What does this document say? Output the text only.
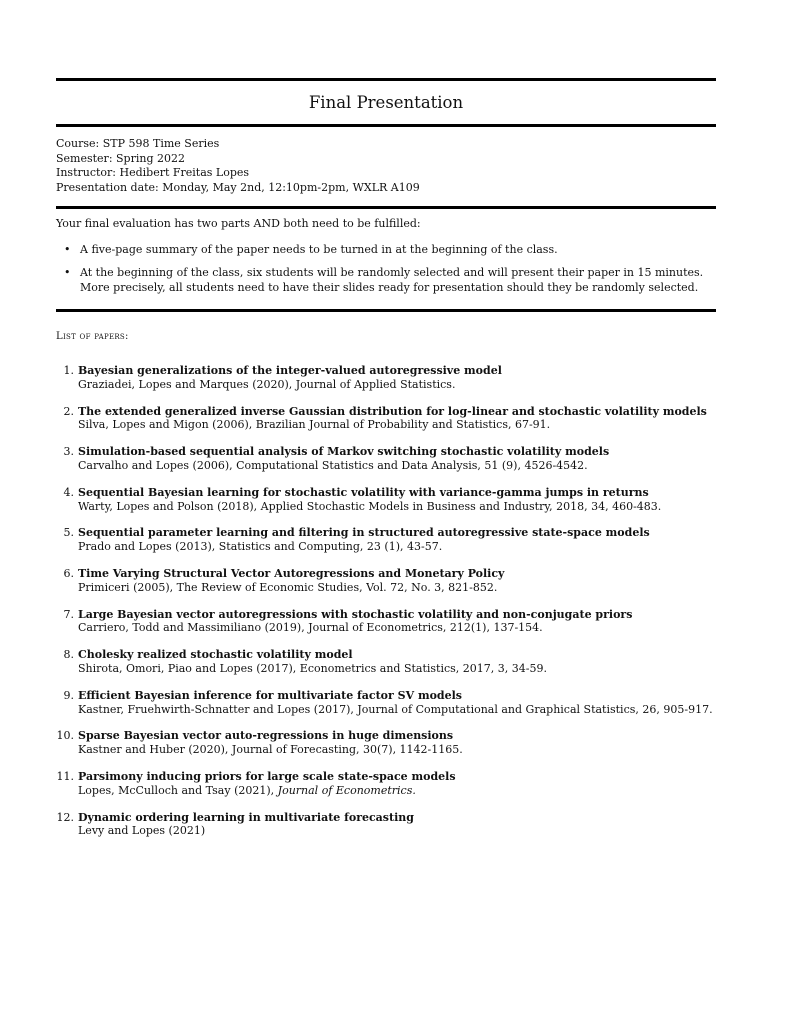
Final Presentation
Course: STP 598 Time Series
Semester: Spring 2022
Instructor: Hedibert Freitas Lopes
Presentation date: Monday, May 2nd, 12:10pm-2pm, WXLR A109
Your final evaluation has two parts AND both need to be fulfilled:
• A five-page summary of the paper needs to be turned in at the beginning of the class.
• At the beginning of the class, six students will be randomly selected and will present their paper in 15 minutes. More precisely, all students need to have their slides ready for presentation should they be randomly selected.
List of papers:
1. Bayesian generalizations of the integer-valued autoregressive model
Graziadei, Lopes and Marques (2020), Journal of Applied Statistics.
2. The extended generalized inverse Gaussian distribution for log-linear and stochastic volatility models
Silva, Lopes and Migon (2006), Brazilian Journal of Probability and Statistics, 67-91.
3. Simulation-based sequential analysis of Markov switching stochastic volatility models
Carvalho and Lopes (2006), Computational Statistics and Data Analysis, 51 (9), 4526-4542.
4. Sequential Bayesian learning for stochastic volatility with variance-gamma jumps in returns
Warty, Lopes and Polson (2018), Applied Stochastic Models in Business and Industry, 2018, 34, 460-483.
5. Sequential parameter learning and filtering in structured autoregressive state-space models
Prado and Lopes (2013), Statistics and Computing, 23 (1), 43-57.
6. Time Varying Structural Vector Autoregressions and Monetary Policy
Primiceri (2005), The Review of Economic Studies, Vol. 72, No. 3, 821-852.
7. Large Bayesian vector autoregressions with stochastic volatility and non-conjugate priors
Carriero, Todd and Massimiliano (2019), Journal of Econometrics, 212(1), 137-154.
8. Cholesky realized stochastic volatility model
Shirota, Omori, Piao and Lopes (2017), Econometrics and Statistics, 2017, 3, 34-59.
9. Efficient Bayesian inference for multivariate factor SV models
Kastner, Fruehwirth-Schnatter and Lopes (2017), Journal of Computational and Graphical Statistics, 26, 905-917.
10. Sparse Bayesian vector auto-regressions in huge dimensions
Kastner and Huber (2020), Journal of Forecasting, 30(7), 1142-1165.
11. Parsimony inducing priors for large scale state-space models
Lopes, McCulloch and Tsay (2021), Journal of Econometrics.
12. Dynamic ordering learning in multivariate forecasting
Levy and Lopes (2021)
